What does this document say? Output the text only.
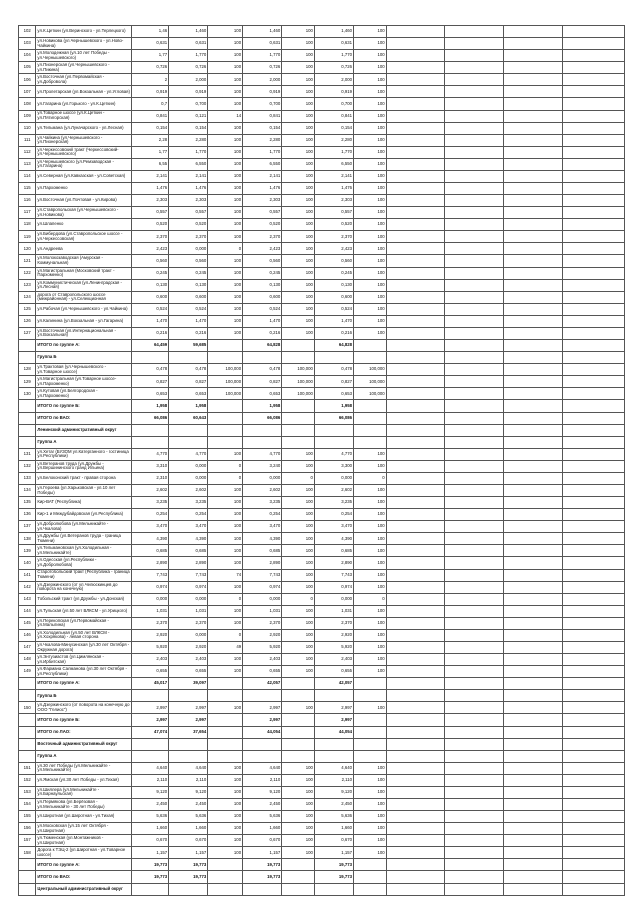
102	ул.К.Цеткин (ул.Веринского - ул.Терлецкого)	1,46	1,460	100	1,460	100	1,460	100				
103	ул.Новикова (ул.Чернышевского - ул.Ново-Чайкина)	0,631	0,631	100	0,631	100	0,631	100				
104	ул.Молодежная (ул.10 лет Победы - ул.Чернышевского)	1,77	1,770	100	1,770	100	1,770	100				
105	ул.Пионерская (ул.Чернышевского - ул.Пикина)	0,726	0,726	100	0,726	100	0,726	100				
106	ул.Восточная (ул.Первомайская - ул.Добровола)	2	2,000	100	2,000	100	2,000	100				
107	ул.Пролетарская (ул.Вокзальная - ул.Угловая)	0,919	0,919	100	0,919	100	0,919	100				
108	ул.Гагарина (ул.Горького - ул.К.Цеткин)	0,7	0,700	100	0,700	100	0,700	100				
109	ул.Товарное шоссе (ул.К.Цеткин - ул.Пятигорская)	0,841	0,121	14	0,841	100	0,841	100				
110	ул.Тельмана (ул.Луначарского - ул.Лесная)	0,154	0,154	100	0,154	100	0,154	100				
111	ул.Чайкина (ул.Чернышевского - ул.Пионерская)	2,28	2,280	100	2,280	100	2,280	100				
112	ул.Черкессовский тракт (Черкессовский-ул.Чернышевского)	1,77	1,770	100	1,770	100	1,770	100				
113	ул.Чернышевского (ул.Ремзаводская - ул.Гагарина)	6,55	6,550	100	6,550	100	6,550	100				
114	ул.Северная (ул.Кавказская - ул.Советская)	2,141	2,141	100	2,141	100	2,141	100				
115	ул.Пархоменко	1,476	1,476	100	1,476	100	1,476	100				
116	ул.Восточная (ул.Почтовая - ул.Кирова)	2,303	2,303	100	2,303	100	2,303	100				
117	ул.Ставропольская (ул.Чернышевского - ул.Новикова)	0,557	0,557	100	0,557	100	0,557	100				
118	ул.Шлапенко	0,520	0,520	100	0,520	100	0,520	100				
119	ул.Бибердова (ул.Ставропольское шоссе - ул.Черкессовская)	2,370	2,370	100	2,370	100	2,370	100				
120	ул.Андреева	2,423	0,000	0	2,423	100	2,423	100				
121	ул.Молокозаводская (Амурская - Коммунальная)	0,560	0,560	100	0,560	100	0,560	100				
122	ул.Магистральная (Московский тракт - Пархоменко)	0,245	0,245	100	0,245	100	0,245	100				
123	ул.Коммунистическая (ул.Ленинградская - ул.Лесная)	0,130	0,130	100	0,130	100	0,130	100				
124	дорога от Ставропольского шоссе (межрайонная) - ул.Селекционная	0,600	0,600	100	0,600	100	0,600	100				
125	ул.Рабочая (ул.Чернышевского - ул.Чайкина)	0,524	0,524	100	0,524	100	0,524	100				
126	ул.Калинина (ул.Вокзальная - ул.Гагарина)	1,470	1,470	100	1,470	100	1,470	100				
127	ул.Восточная (ул.Интернациональная - ул.Вокзальная)	0,216	0,216	100	0,216	100	0,216	100				
	ИТОГО по группе А:	64,459	59,685		64,828		64,828					
	Группа Б											
128	ул.Трактовая (ул.Чернышевского - ул.Товарное шоссе)	0,478	0,478	100,000	0,478	100,000	0,478	100,000				
129	ул.Магистральная (ул.Товарное шоссе-ул.Пархоменко)	0,827	0,827	100,000	0,827	100,000	0,827	100,000				
130	ул.Кутовая (ул.Белгородская - ул.Пархоменко)	0,653	0,653	100,000	0,653	100,000	0,653	100,000				
	ИТОГО по группе Б:	1,958	1,958		1,958		1,958					
	ИТОГО по ВАО:	66,086	60,643		66,086		66,086					
	Ленинский административный округ											
	Группа А											
131	ул.Хетаг (БУЗОМ ул.Катерганного - гостиница ул.Республики)	4,770	4,770	100	4,770	100	4,770	100				
132	ул.Ветеранов труда (ул.Дружбы - ул.Вершининского гранд Ильина)	3,310	0,000	0	3,240	100	3,300	100				
133	ул.Белоконский тракт - правая сторона	2,310	0,000	0	0,000	0	0,000	0				
134	ул.Героева (ул.Харьковская - ул.10 лет Победы)	2,602	2,602	100	2,602	100	2,602	100				
135	Кир-ВАТ (Республика)	3,235	3,235	100	3,235	100	3,235	100				
136	Кир-1 и Междубайдовская (ул.Республика)	0,254	0,254	100	0,254	100	0,254	100				
137	ул.Добролюбова (ул.Мельникайте - ул.Чкалова)	3,470	3,470	100	3,470	100	3,470	100				
138	ул.Дружбы (ул.Ветеранов труда - граница Тюмени)	4,390	4,390	100	4,390	100	4,390	100				
139	ул.Тельмановская (ул.Холодильная - ул.Мельникайте)	0,685	0,685	100	0,685	100	0,685	100				
140	ул.Одесская (ул.Республики - ул.Добролюбова)	2,890	2,890	100	2,890	100	2,890	100				
141	Старотобольский тракт (Республика - граница Тюмени)	7,743	7,743	74	7,743	100	7,743	100				
142	ул.Дзержинского (от ул.Челюскинцев до поворота на конечную)	0,974	0,974	100	0,974	100	0,974	100				
143	Тобольский тракт (ул.Дружбы - ул.Донская)	0,000	0,000	0	0,000	0	0,000	0				
144	ул.Тульская (ул.50 лет ВЛКСМ - ул.Урицкого)	1,031	1,031	100	1,031	100	1,031	100				
145	ул.Перекопская (ул.Первомайская - ул.Малыгина)	2,370	2,370	100	2,370	100	2,370	100				
146	ул.Холодильная (ул.50 лет ВЛКСМ - ул.Хохрякова) - левая сторона	2,920	0,000	0	2,920	100	2,920	100				
147	ул.Чкалова-Минусинская (ул.30 лет Октября - Окружная дорога)	5,920	2,920	49	5,920	100	5,920	100				
148	ул.Энтузиастов (ул.Цимлянская - ул.Ирбитская)	2,403	2,403	100	2,403	100	2,403	100				
149	ул.Фармана Салманова (ул.30 лет Октября - ул.Республики)	0,655	0,655	100	0,655	100	0,655	100				
	ИТОГО по группе А:	45,017	39,097		42,057		42,057					
	Группа Б											
150	ул.Дзержинского (от поворота на конечную до ООО "Гелиос")	2,997	2,997	100	2,997	100	2,997	100				
	ИТОГО по группе Б:	2,997	2,997		2,997		2,997					
	ИТОГО по ЛАО:	47,074	37,654		44,054		44,054					
	Восточный административный округ											
	Группа А											
151	ул.30 лет Победы (ул.Мельникайте - ул.Мельникайте)	4,640	4,640	100	4,640	100	4,640	100				
152	ул.Ямская (ул.30 лет Победы - ул.Тихая)	2,110	2,110	100	2,110	100	2,110	100				
153	ул.Шиллера (ул.Мельникайте - ул.Барнаульская)	9,120	9,120	100	9,120	100	9,120	100				
154	ул.Пермякова (ул.Берёзовая - ул.Мельникайте - 30 лет Победы)	2,450	2,450	100	2,450	100	2,450	100				
155	ул.Широтная (ул.Широтная - ул.Тихая)	5,636	5,636	100	5,636	100	5,636	100				
156	ул.Московская (ул.15 лет Октября - ул.Широтная)	1,660	1,660	100	1,660	100	1,660	100				
157	ул.Тюменская (ул.Монтажников - ул.Широтная)	0,670	0,670	100	0,670	100	0,670	100				
158	Дорога к ТЭЦ-2 (ул.Широтная - ул.Товарное шоссе)	1,157	1,157	100	1,157	100	1,157	100				
	ИТОГО по группе А:	19,773	19,773		19,773		19,773					
	ИТОГО по ВАО:	19,773	19,773		19,773		19,773					
	Центральный административный округ											
